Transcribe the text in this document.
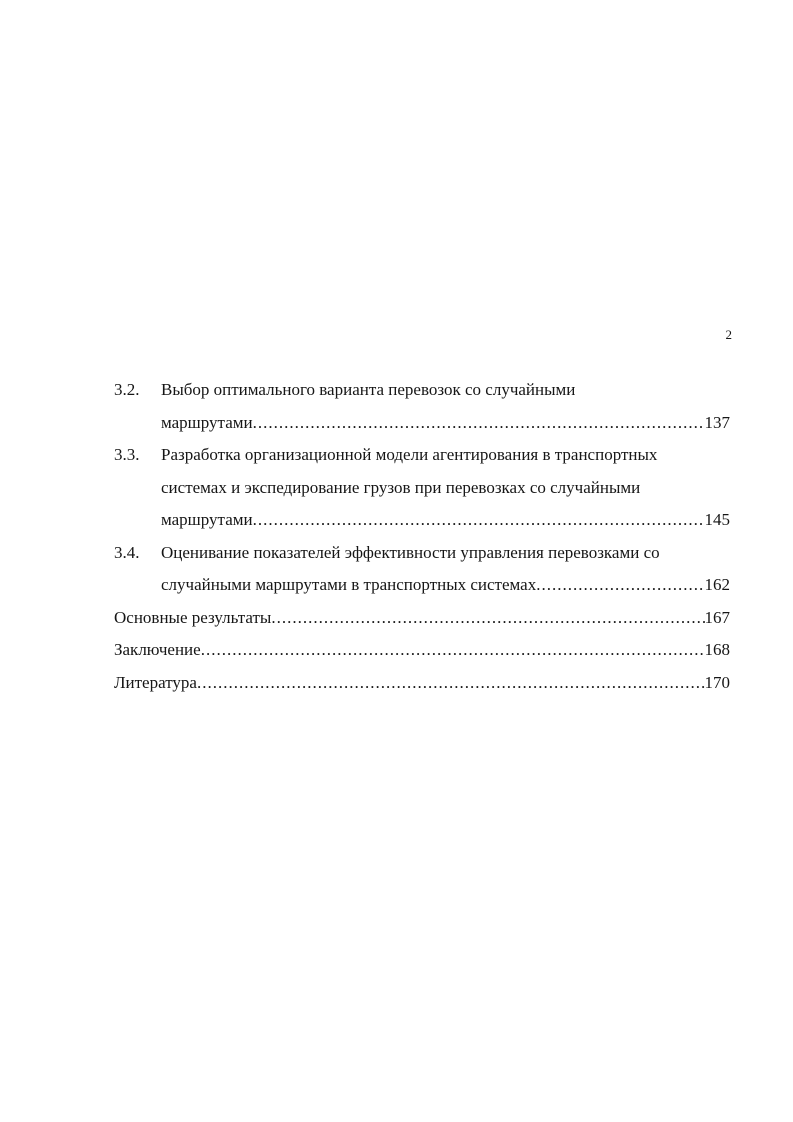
2
3.2.	Выбор оптимального варианта перевозок со случайными
маршрутами .....	137
3.3.	Разработка организационной модели агентирования в транспортных
системах и экспедирование грузов при перевозках со случайными
маршрутами .....	145
3.4.	Оценивание показателей эффективности управления перевозками со
случайными маршрутами в транспортных системах .....	162
Основные результаты .....	167
Заключение .....	168
Литература .....	170
